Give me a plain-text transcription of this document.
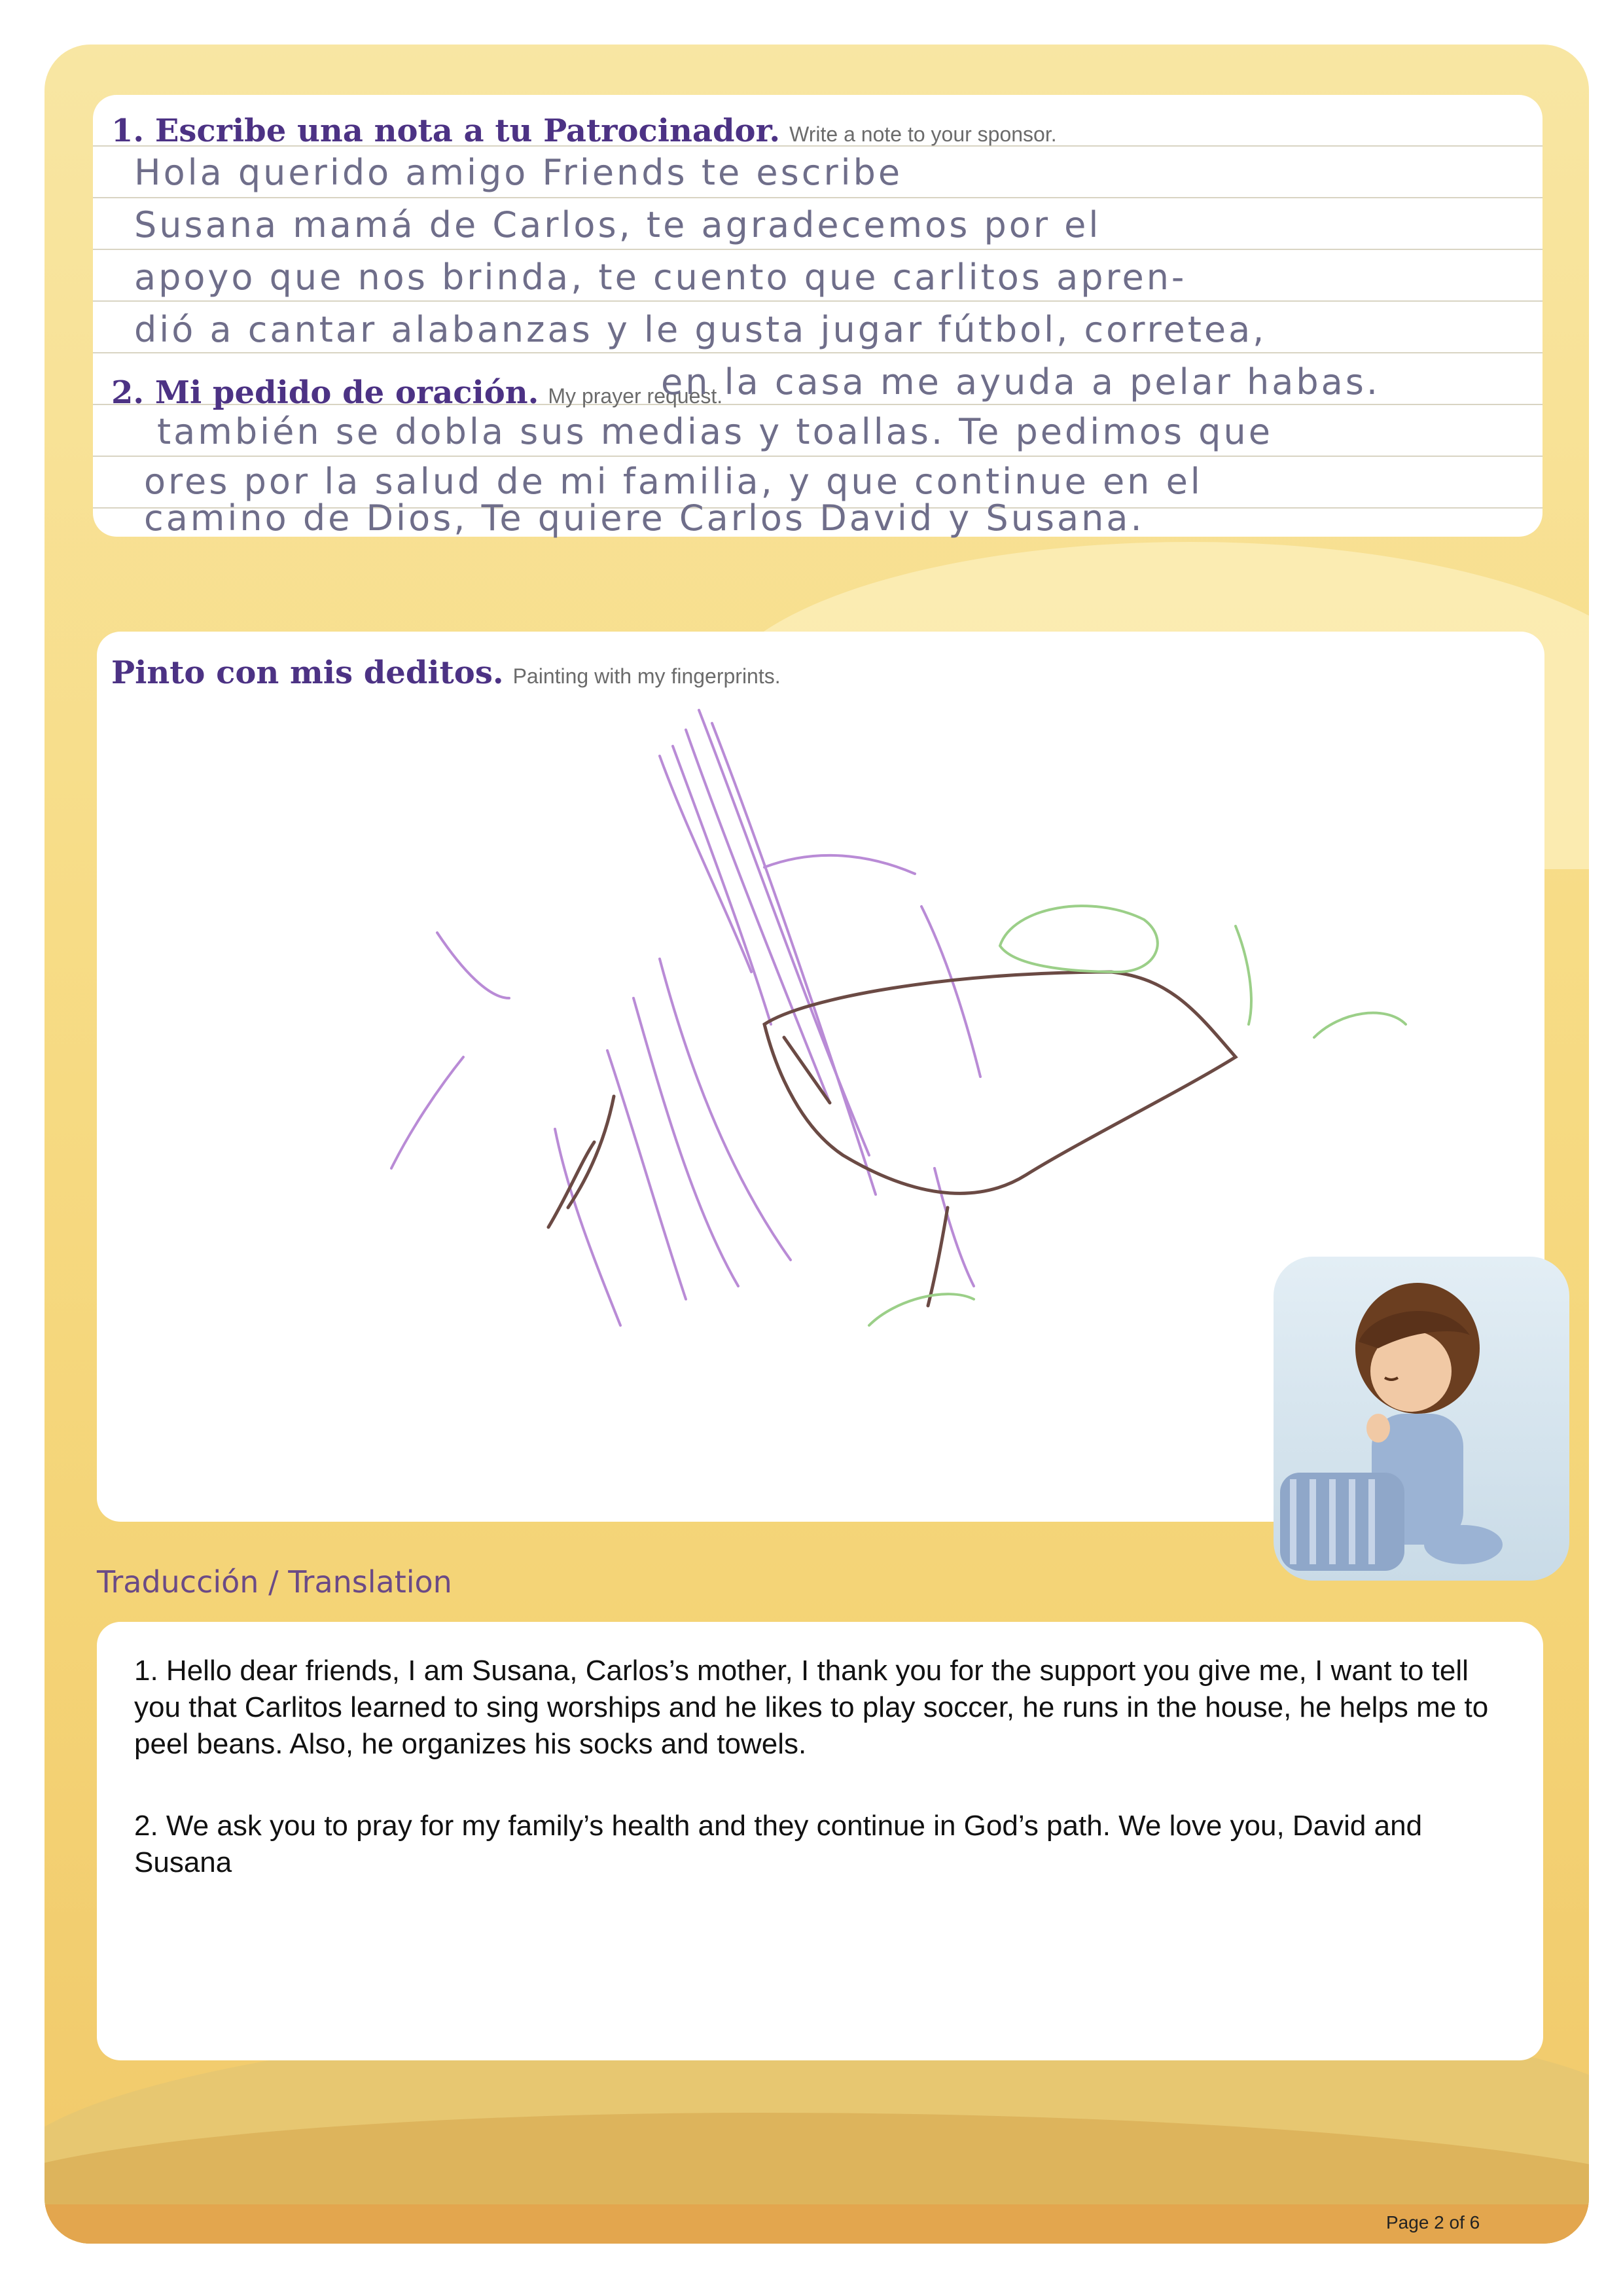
1. Escribe una nota a tu Patrocinador. Write a note to your sponsor.
Hola querido amigo Friends te escribe
Susana mamá de Carlos, te agradecemos por el
apoyo que nos brinda, te cuento que carlitos apren-
dió a cantar alabanzas y le gusta jugar fútbol, corretea,
2. Mi pedido de oración. My prayer request.
en la casa me ayuda a pelar habas.
también se dobla sus medias y toallas. Te pedimos que
ores por la salud de mi familia, y que continue en el
camino de Dios, Te quiere Carlos David y Susana.
Pinto con mis deditos. Painting with my fingerprints.
Traducción / Translation
1. Hello dear friends, I am Susana, Carlos’s mother, I thank you for the support you give me, I want to tell you that Carlitos learned to sing worships and he likes to play soccer, he runs in the house, he helps me to peel beans. Also, he organizes his socks and towels.
2. We ask you to pray for my family’s health and they continue in God’s path. We love you, David and Susana
Page 2 of 6
